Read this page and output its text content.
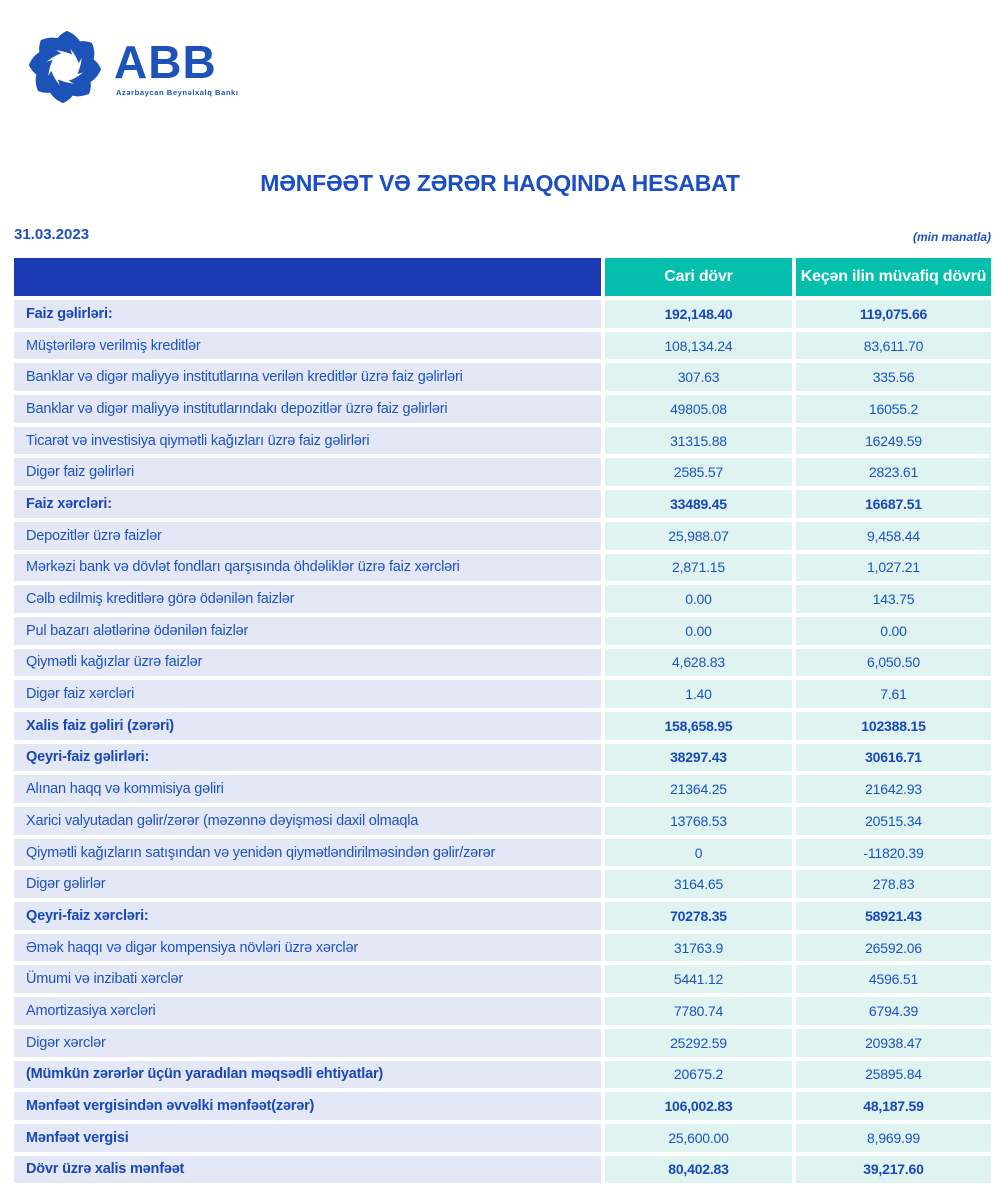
ABB
Azərbaycan Beynəlxalq Bankı
MƏNFƏƏT VƏ ZƏRƏR HAQQINDA HESABAT
31.03.2023	(min manatla)
Cari dövr	Keçən ilin müvafiq dövrü
Faiz gəlirləri:	192,148.40	119,075.66
Müştərilərə verilmiş kreditlər	108,134.24	83,611.70
Banklar və digər maliyyə institutlarına verilən kreditlər üzrə faiz gəlirləri	307.63	335.56
Banklar və digər maliyyə institutlarındakı depozitlər üzrə faiz gəlirləri	49805.08	16055.2
Ticarət və investisiya qiymətli kağızları üzrə faiz gəlirləri	31315.88	16249.59
Digər faiz gəlirləri	2585.57	2823.61
Faiz xərcləri:	33489.45	16687.51
Depozitlər üzrə faizlər	25,988.07	9,458.44
Mərkəzi bank və dövlət fondları qarşısında öhdəliklər üzrə faiz xərcləri	2,871.15	1,027.21
Cəlb edilmiş kreditlərə görə ödənilən faizlər	0.00	143.75
Pul bazarı alətlərinə ödənilən faizlər	0.00	0.00
Qiymətli kağızlar üzrə faizlər	4,628.83	6,050.50
Digər faiz xərcləri	1.40	7.61
Xalis faiz gəliri (zərəri)	158,658.95	102388.15
Qeyri-faiz gəlirləri:	38297.43	30616.71
Alınan haqq və kommisiya gəliri	21364.25	21642.93
Xarici valyutadan gəlir/zərər (məzənnə dəyişməsi daxil olmaqla	13768.53	20515.34
Qiymətli kağızların satışından və yenidən qiymətləndirilməsindən gəlir/zərər	0	-11820.39
Digər gəlirlər	3164.65	278.83
Qeyri-faiz xərcləri:	70278.35	58921.43
Əmək haqqı və digər kompensiya növləri üzrə xərclər	31763.9	26592.06
Ümumi və inzibati xərclər	5441.12	4596.51
Amortizasiya xərcləri	7780.74	6794.39
Digər xərclər	25292.59	20938.47
(Mümkün zərərlər üçün yaradılan məqsədli ehtiyatlar)	20675.2	25895.84
Mənfəət vergisindən əvvəlki mənfəət(zərər)	106,002.83	48,187.59
Mənfəət vergisi	25,600.00	8,969.99
Dövr üzrə xalis mənfəət	80,402.83	39,217.60
